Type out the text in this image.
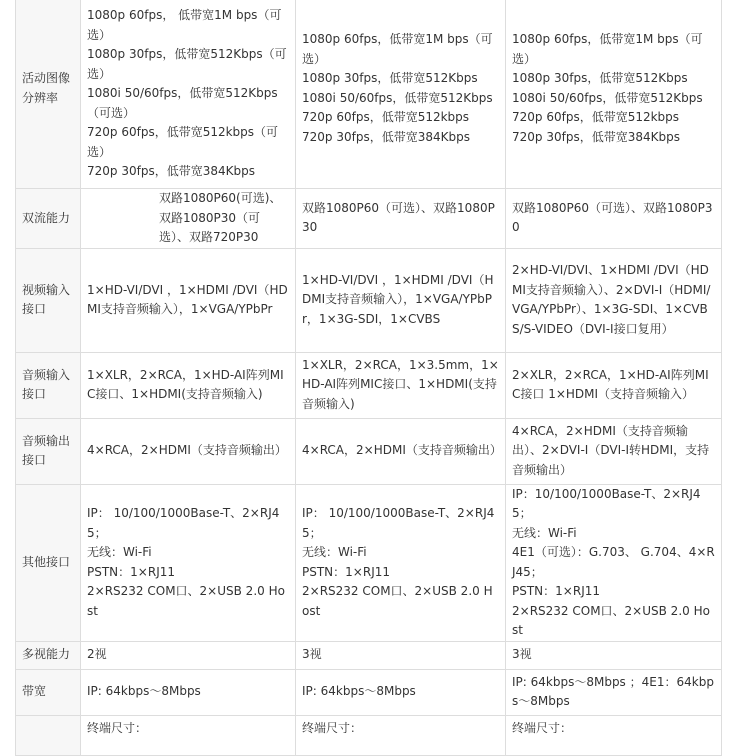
活动图像分辨率	1080p 60fps， 低带宽1M bps（可选）
1080p 30fps，低带宽512Kbps（可选）
1080i 50/60fps，低带宽512Kbps（可选）
720p 60fps，低带宽512kbps（可选）
720p 30fps，低带宽384Kbps	1080p 60fps，低带宽1M bps（可选）
1080p 30fps，低带宽512Kbps
1080i 50/60fps，低带宽512Kbps
720p 60fps，低带宽512kbps
720p 30fps，低带宽384Kbps	1080p 60fps，低带宽1M bps（可选）
1080p 30fps，低带宽512Kbps
1080i 50/60fps，低带宽512Kbps
720p 60fps，低带宽512kbps
720p 30fps，低带宽384Kbps

双流能力	双路1080P60(可选)、双路1080P30（可选）、双路720P30	双路1080P60（可选）、双路1080P30	双路1080P60（可选）、双路1080P30

视频输入接口	1×HD-VI/DVI ，1×HDMI /DVI（HDMI支持音频输入），1×VGA/YPbPr	1×HD-VI/DVI ，1×HDMI /DVI（HDMI支持音频输入），1×VGA/YPbPr，1×3G-SDI，1×CVBS	2×HD-VI/DVI、1×HDMI /DVI（HDMI支持音频输入）、2×DVI-I（HDMI/VGA/YPbPr）、1×3G-SDI、1×CVBS/S-VIDEO（DVI-I接口复用）

音频输入接口	1×XLR，2×RCA，1×HD-AI阵列MIC接口、1×HDMI(支持音频输入)	1×XLR，2×RCA，1×3.5mm，1×HD-AI阵列MIC接口、1×HDMI(支持音频输入)	2×XLR，2×RCA，1×HD-AI阵列MIC接口 1×HDMI（支持音频输入）

音频输出接口	4×RCA，2×HDMI（支持音频输出）	4×RCA，2×HDMI（支持音频输出）	4×RCA，2×HDMI（支持音频输出）、2×DVI-I（DVI-I转HDMI，支持音频输出）

其他接口	IP： 10/100/1000Base-T、2×RJ45；
无线：Wi-Fi
PSTN：1×RJ11
2×RS232 COM口、2×USB 2.0 Host	IP： 10/100/1000Base-T、2×RJ45；
无线：Wi-Fi
PSTN：1×RJ11
2×RS232 COM口、2×USB 2.0 Host	IP：10/100/1000Base-T、2×RJ45；
无线：Wi-Fi
4E1（可选）：G.703、 G.704、4×RJ45；
PSTN：1×RJ11
2×RS232 COM口、2×USB 2.0 Host

多视能力	2视	3视	3视

带宽	IP: 64kbps～8Mbps	IP: 64kbps～8Mbps	IP: 64kbps～8Mbps ；4E1：64kbps～8Mbps

	终端尺寸：	终端尺寸：	终端尺寸：
